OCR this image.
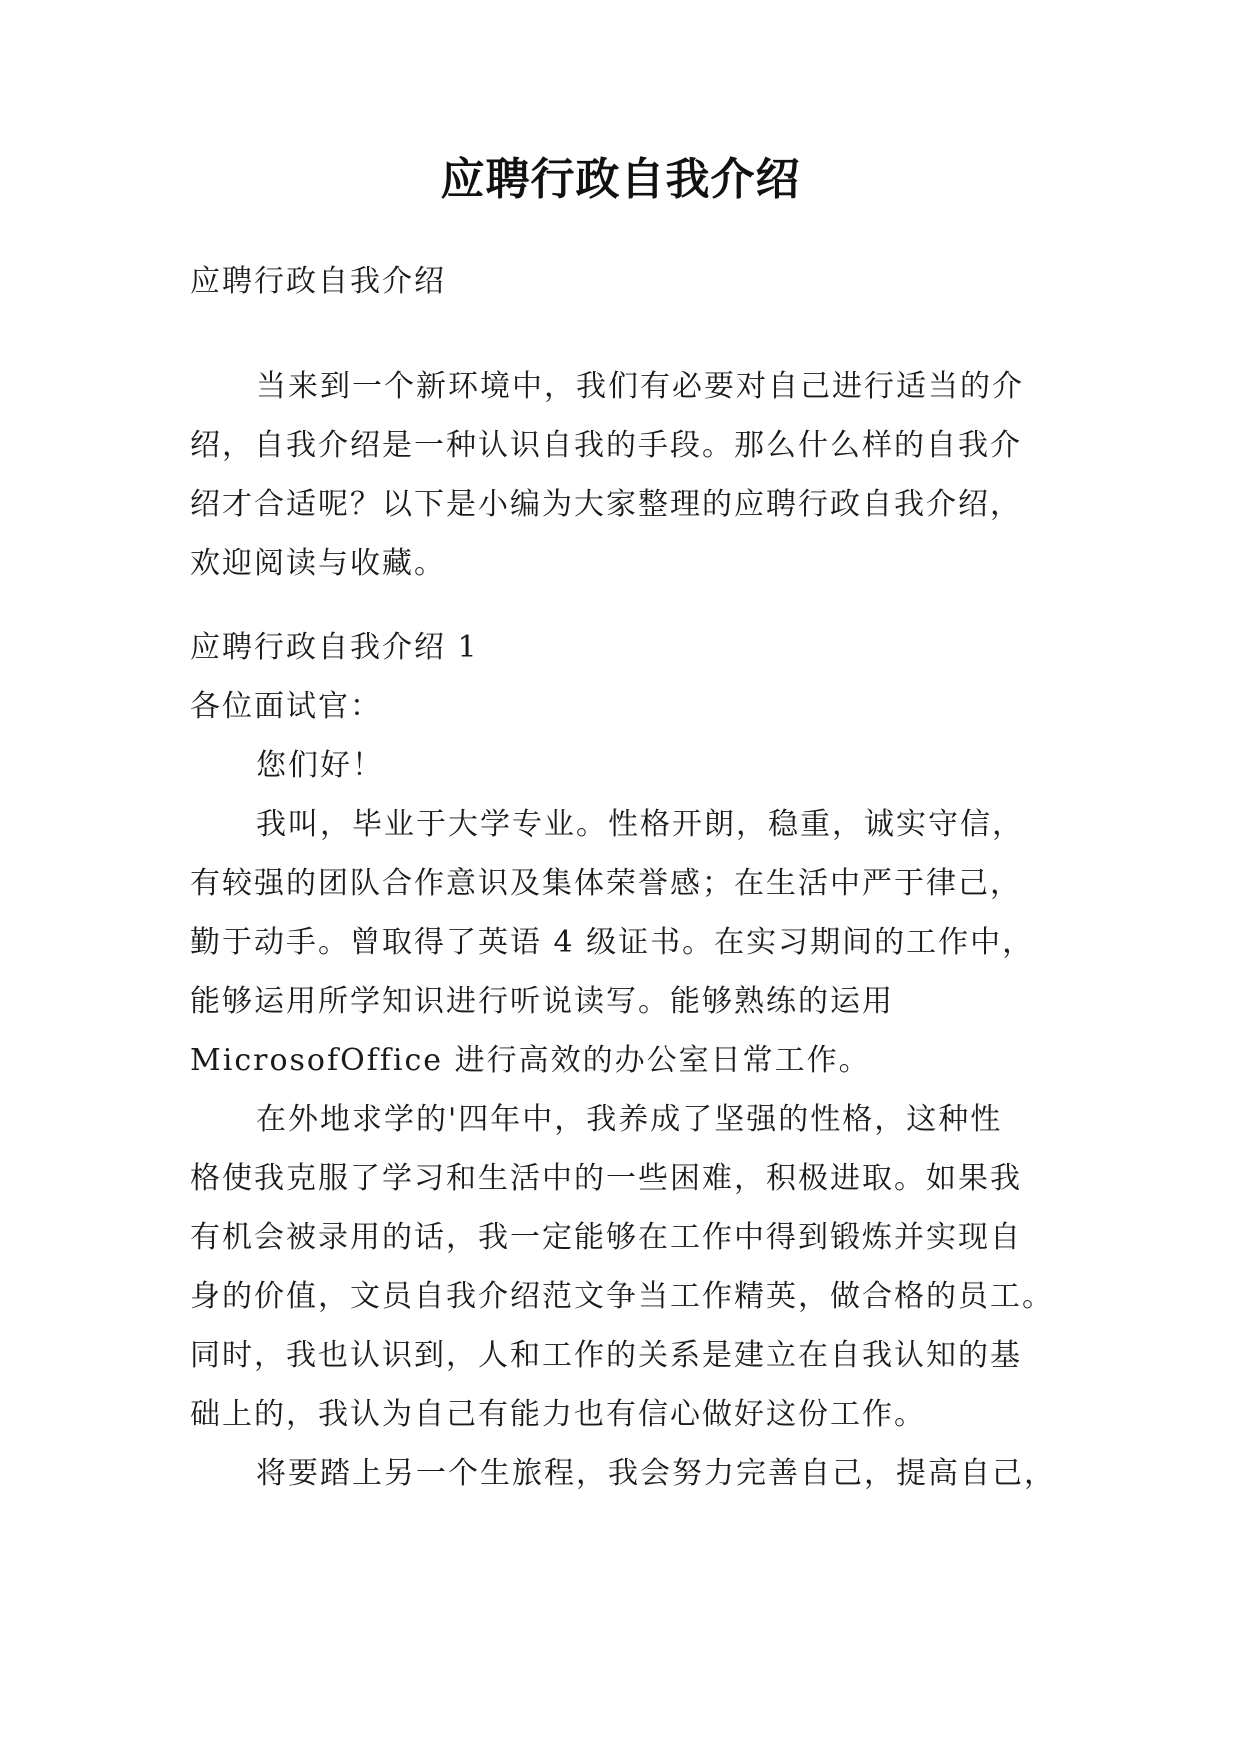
应聘行政自我介绍
应聘行政自我介绍
当来到一个新环境中，我们有必要对自己进行适当的介
绍，自我介绍是一种认识自我的手段。那么什么样的自我介
绍才合适呢？以下是小编为大家整理的应聘行政自我介绍，
欢迎阅读与收藏。
应聘行政自我介绍 1
各位面试官：
您们好！
我叫，毕业于大学专业。性格开朗，稳重，诚实守信，
有较强的团队合作意识及集体荣誉感；在生活中严于律己，
勤于动手。曾取得了英语 4 级证书。在实习期间的工作中，
能够运用所学知识进行听说读写。能够熟练的运用
MicrosofOffice 进行高效的办公室日常工作。
在外地求学的'四年中，我养成了坚强的性格，这种性
格使我克服了学习和生活中的一些困难，积极进取。如果我
有机会被录用的话，我一定能够在工作中得到锻炼并实现自
身的价值，文员自我介绍范文争当工作精英，做合格的员工。
同时，我也认识到，人和工作的关系是建立在自我认知的基
础上的，我认为自己有能力也有信心做好这份工作。
将要踏上另一个生旅程，我会努力完善自己，提高自己，
